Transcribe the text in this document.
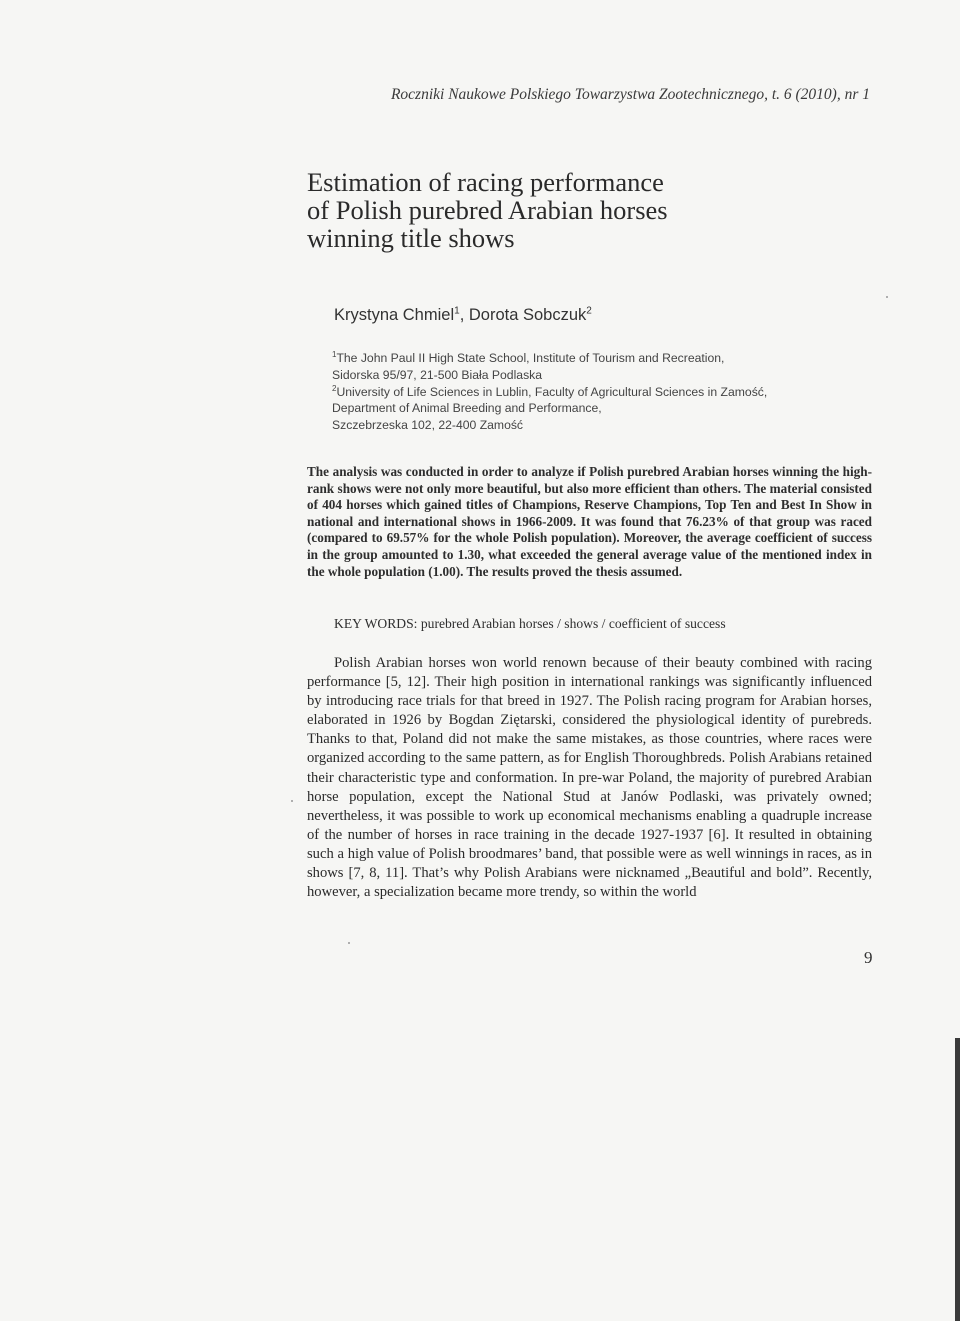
Roczniki Naukowe Polskiego Towarzystwa Zootechnicznego, t. 6 (2010), nr 1
Estimation of racing performance
of Polish purebred Arabian horses
winning title shows
Krystyna Chmiel$^1$, Dorota Sobczuk$^2$
$^1$The John Paul II High State School, Institute of Tourism and Recreation,
Sidorska 95/97, 21-500 Biała Podlaska
$^2$University of Life Sciences in Lublin, Faculty of Agricultural Sciences in Zamość,
Department of Animal Breeding and Performance,
Szczebrzeska 102, 22-400 Zamość
The analysis was conducted in order to analyze if Polish purebred Arabian horses winning the high-rank shows were not only more beautiful, but also more efficient than others. The material consisted of 404 horses which gained titles of Champions, Reserve Champions, Top Ten and Best In Show in national and international shows in 1966-2009. It was found that 76.23% of that group was raced (compared to 69.57% for the whole Polish population). Moreover, the average coefficient of success in the group amounted to 1.30, what exceeded the general average value of the mentioned index in the whole population (1.00). The results proved the thesis assumed.
KEY WORDS: purebred Arabian horses / shows / coefficient of success

Polish Arabian horses won world renown because of their beauty combined with racing performance [5, 12]. Their high position in international rankings was significantly influenced by introducing race trials for that breed in 1927. The Polish racing program for Arabian horses, elaborated in 1926 by Bogdan Ziętarski, considered the physiological identity of purebreds. Thanks to that, Poland did not make the same mistakes, as those countries, where races were organized according to the same pattern, as for English Thoroughbreds. Polish Arabians retained their characteristic type and conformation. In pre-war Poland, the majority of purebred Arabian horse population, except the National Stud at Janów Podlaski, was privately owned; nevertheless, it was possible to work up economical mechanisms enabling a quadruple increase of the number of horses in race training in the decade 1927-1937 [6]. It resulted in obtaining such a high value of Polish broodmares’ band, that possible were as well winnings in races, as in shows [7, 8, 11]. That’s why Polish Arabians were nicknamed „Beautiful and bold”. Recently, however, a specialization became more trendy, so within the world

9
